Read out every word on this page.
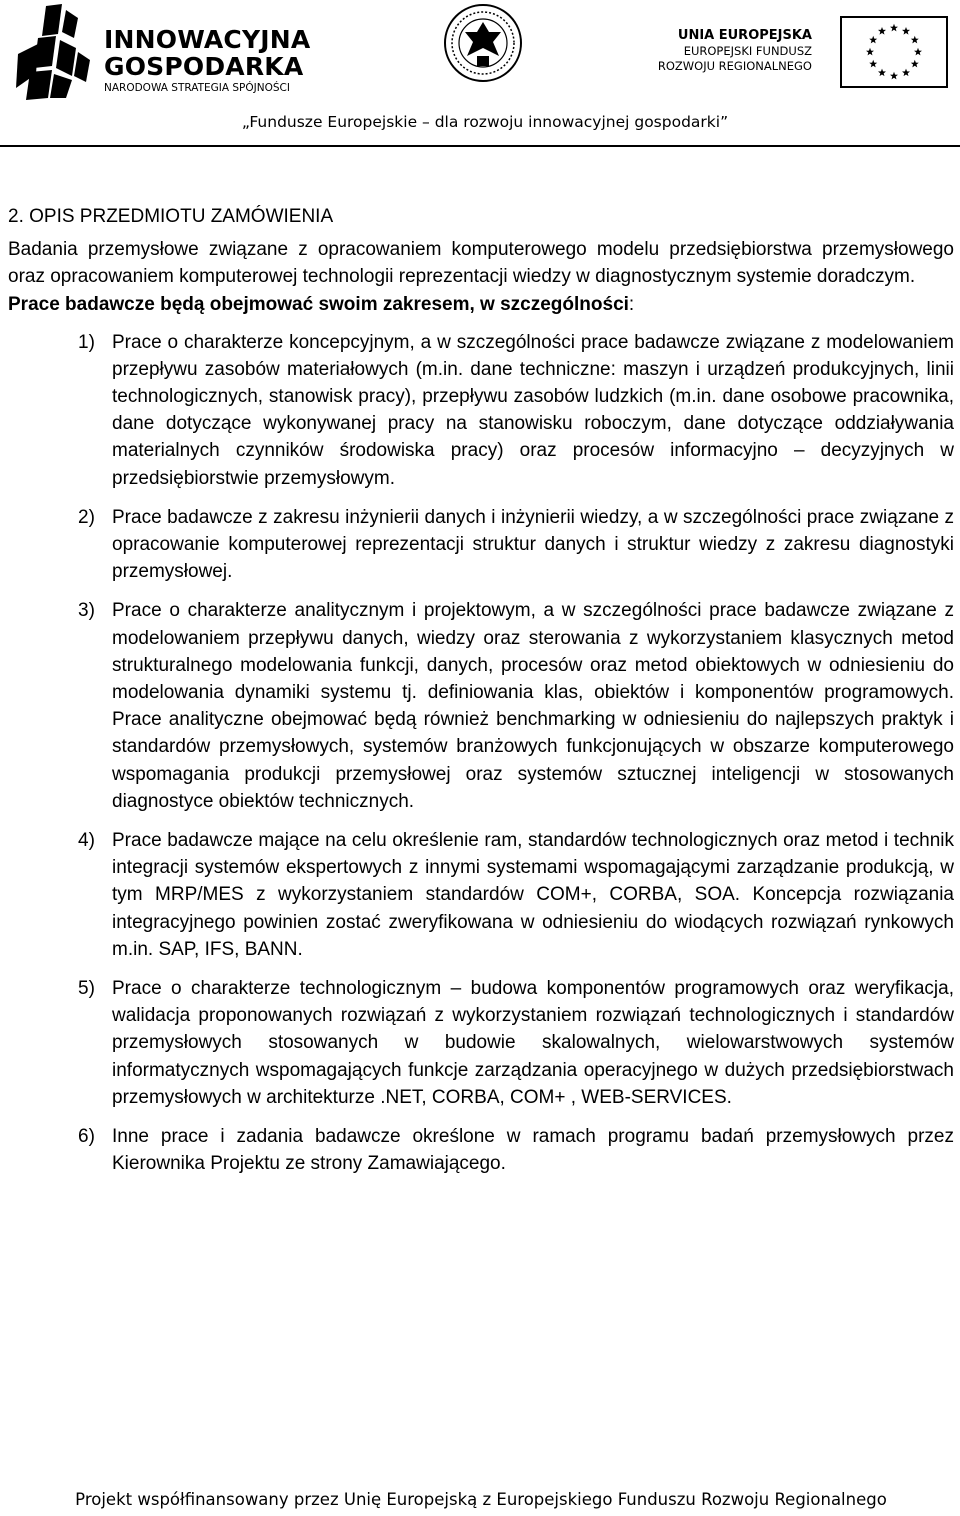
INNOWACYJNA
GOSPODARKA
NARODOWA STRATEGIA SPÓJNOŚCI
UNIA EUROPEJSKA
EUROPEJSKI FUNDUSZ
ROZWOJU REGIONALNEGO
„Fundusze Europejskie – dla rozwoju innowacyjnej gospodarki”
2. OPIS PRZEDMIOTU ZAMÓWIENIA

Badania przemysłowe związane z opracowaniem komputerowego modelu przedsiębiorstwa przemysłowego oraz opracowaniem komputerowej technologii reprezentacji wiedzy w diagnostycznym systemie doradczym.

Prace badawcze będą obejmować swoim zakresem, w szczególności:

1) Prace o charakterze koncepcyjnym, a w szczególności prace badawcze związane z modelowaniem przepływu zasobów materiałowych (m.in. dane techniczne: maszyn i urządzeń produkcyjnych, linii technologicznych, stanowisk pracy), przepływu zasobów ludzkich (m.in. dane osobowe pracownika, dane dotyczące wykonywanej pracy na stanowisku roboczym, dane dotyczące oddziaływania materialnych czynników środowiska pracy) oraz procesów informacyjno – decyzyjnych w przedsiębiorstwie przemysłowym.

2) Prace badawcze z zakresu inżynierii danych i inżynierii wiedzy, a w szczególności prace związane z opracowanie komputerowej reprezentacji struktur danych i struktur wiedzy z zakresu diagnostyki przemysłowej.

3) Prace o charakterze analitycznym i projektowym, a w szczególności prace badawcze związane z modelowaniem przepływu danych, wiedzy oraz sterowania z wykorzystaniem klasycznych metod strukturalnego modelowania funkcji, danych, procesów oraz metod obiektowych w odniesieniu do modelowania dynamiki systemu tj. definiowania klas, obiektów i komponentów programowych. Prace analityczne obejmować będą również benchmarking w odniesieniu do najlepszych praktyk i standardów przemysłowych, systemów branżowych funkcjonujących w obszarze komputerowego wspomagania produkcji przemysłowej oraz systemów sztucznej inteligencji w stosowanych diagnostyce obiektów technicznych.

4) Prace badawcze mające na celu określenie ram, standardów technologicznych oraz metod i technik integracji systemów ekspertowych z innymi systemami wspomagającymi zarządzanie produkcją, w tym MRP/MES z wykorzystaniem standardów COM+, CORBA, SOA. Koncepcja rozwiązania integracyjnego powinien zostać zweryfikowana w odniesieniu do wiodących rozwiązań rynkowych m.in. SAP, IFS, BANN.

5) Prace o charakterze technologicznym – budowa komponentów programowych oraz weryfikacja, walidacja proponowanych rozwiązań z wykorzystaniem rozwiązań technologicznych i standardów przemysłowych stosowanych w budowie skalowalnych, wielowarstwowych systemów informatycznych wspomagających funkcje zarządzania operacyjnego w dużych przedsiębiorstwach przemysłowych w architekturze .NET, CORBA, COM+ , WEB-SERVICES.

6) Inne prace i zadania badawcze określone w ramach programu badań przemysłowych przez Kierownika Projektu ze strony Zamawiającego.

Projekt współfinansowany przez Unię Europejską z Europejskiego Funduszu Rozwoju Regionalnego
